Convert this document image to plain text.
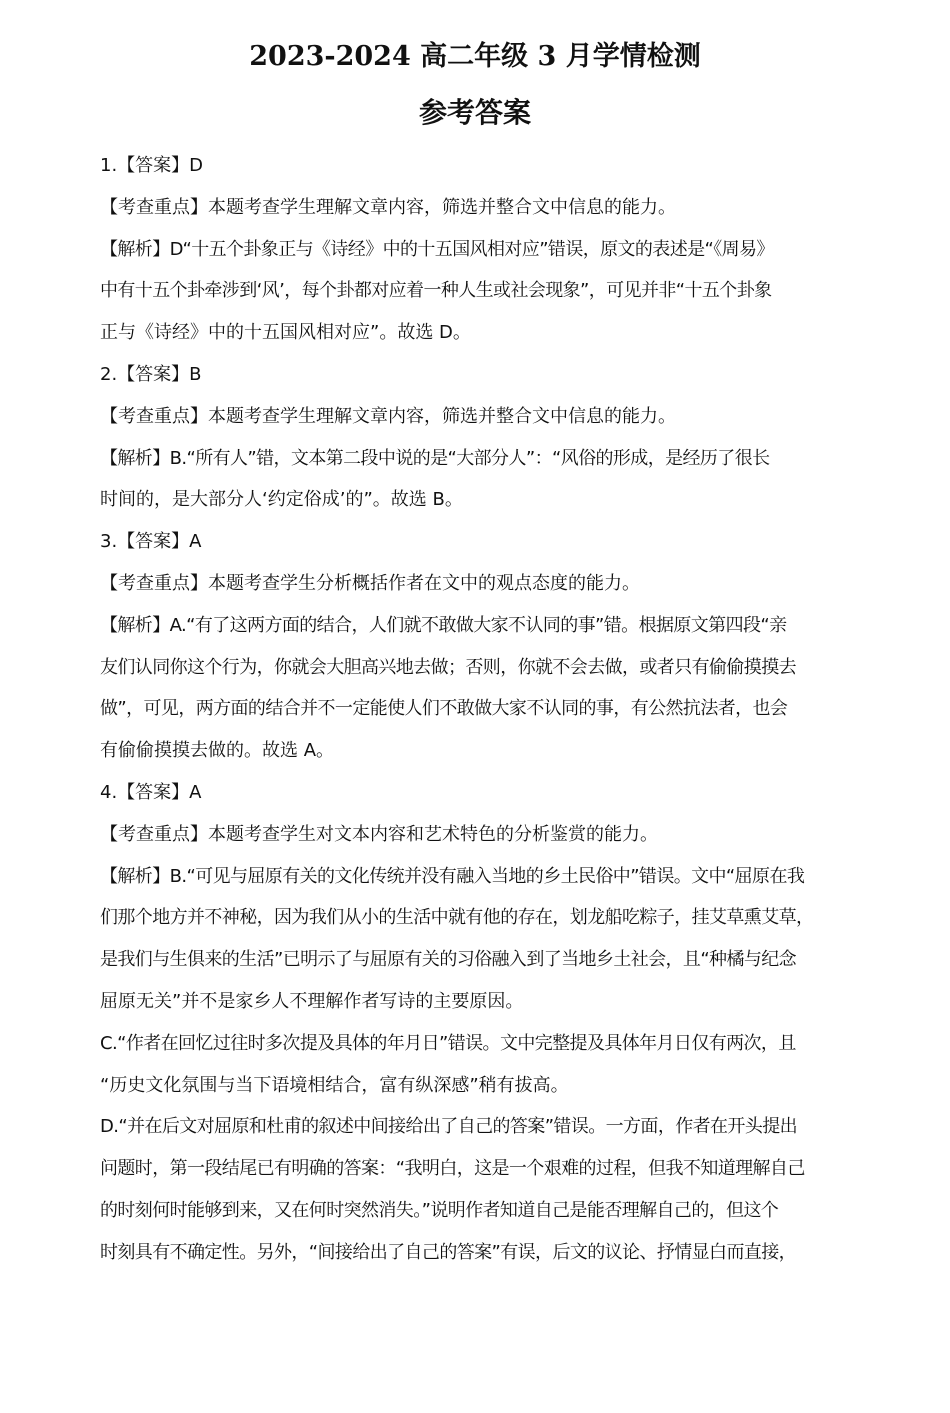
2023-2024 高二年级 3 月学情检测
参考答案
1.【答案】D
【考查重点】本题考查学生理解文章内容，筛选并整合文中信息的能力。
【解析】D“十五个卦象正与《诗经》中的十五国风相对应”错误，原文的表述是“《周易》
中有十五个卦牵涉到‘风’，每个卦都对应着一种人生或社会现象”，可见并非“十五个卦象
正与《诗经》中的十五国风相对应”。故选 D。
2.【答案】B
【考查重点】本题考查学生理解文章内容，筛选并整合文中信息的能力。
【解析】B.“所有人”错，文本第二段中说的是“大部分人”：“风俗的形成，是经历了很长
时间的，是大部分人‘约定俗成’的”。故选 B。
3.【答案】A
【考查重点】本题考查学生分析概括作者在文中的观点态度的能力。
【解析】A.“有了这两方面的结合，人们就不敢做大家不认同的事”错。根据原文第四段“亲
友们认同你这个行为，你就会大胆高兴地去做；否则，你就不会去做，或者只有偷偷摸摸去
做”，可见，两方面的结合并不一定能使人们不敢做大家不认同的事，有公然抗法者，也会
有偷偷摸摸去做的。故选 A。
4.【答案】A
【考查重点】本题考查学生对文本内容和艺术特色的分析鉴赏的能力。
【解析】B.“可见与屈原有关的文化传统并没有融入当地的乡土民俗中”错误。文中“屈原在我
们那个地方并不神秘，因为我们从小的生活中就有他的存在，划龙船吃粽子，挂艾草熏艾草，
是我们与生俱来的生活”已明示了与屈原有关的习俗融入到了当地乡土社会，且“种橘与纪念
屈原无关”并不是家乡人不理解作者写诗的主要原因。
C.“作者在回忆过往时多次提及具体的年月日”错误。文中完整提及具体年月日仅有两次，且
“历史文化氛围与当下语境相结合，富有纵深感”稍有拔高。
D.“并在后文对屈原和杜甫的叙述中间接给出了自己的答案”错误。一方面，作者在开头提出
问题时，第一段结尾已有明确的答案：“我明白，这是一个艰难的过程，但我不知道理解自己
的时刻何时能够到来，又在何时突然消失。”说明作者知道自己是能否理解自己的，但这个
时刻具有不确定性。另外，“间接给出了自己的答案”有误，后文的议论、抒情显白而直接，
